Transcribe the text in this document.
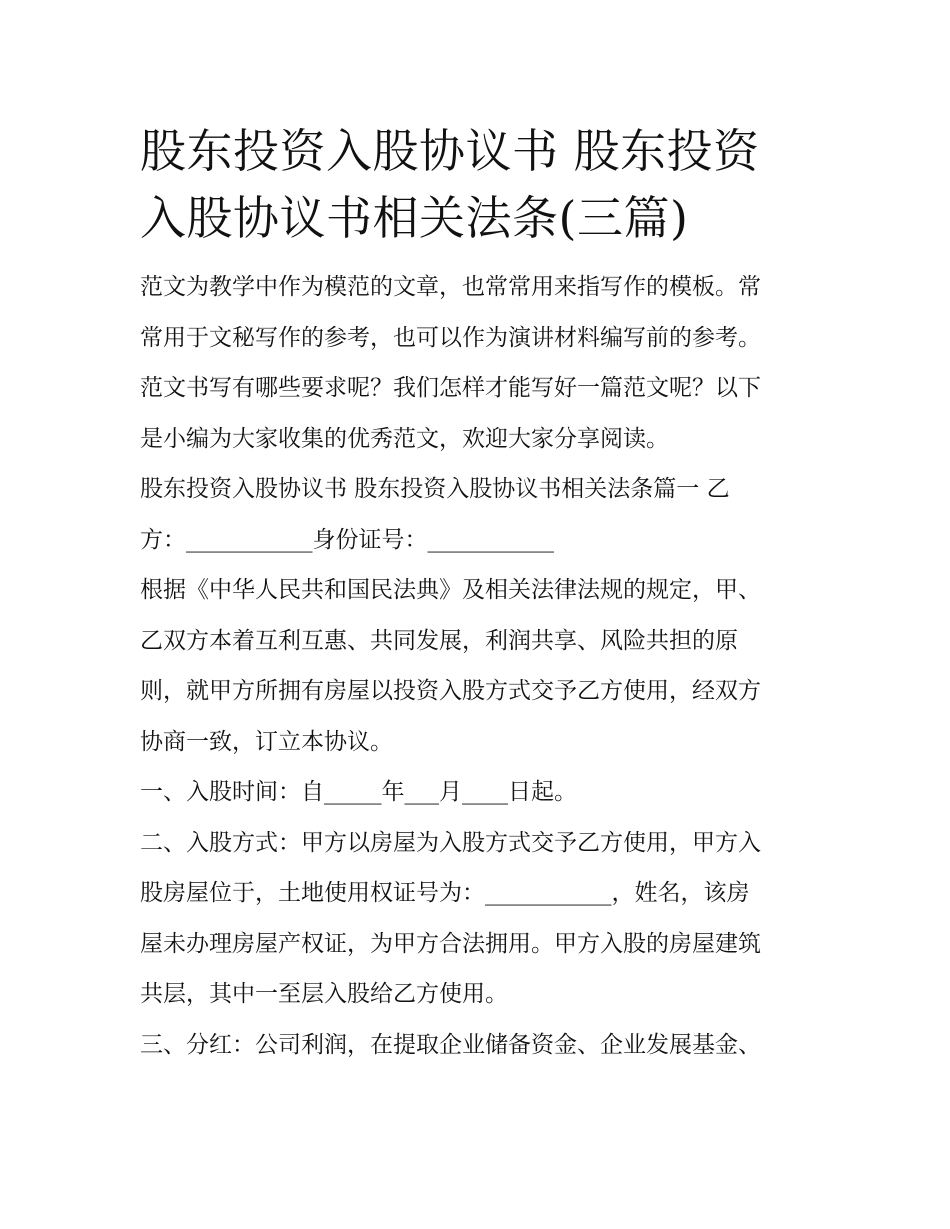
股东投资入股协议书 股东投资
入股协议书相关法条(三篇)

范文为教学中作为模范的文章，也常常用来指写作的模板。常
常用于文秘写作的参考，也可以作为演讲材料编写前的参考。
范文书写有哪些要求呢？我们怎样才能写好一篇范文呢？以下
是小编为大家收集的优秀范文，欢迎大家分享阅读。

股东投资入股协议书 股东投资入股协议书相关法条篇一 乙
方：___________身份证号：___________

根据《中华人民共和国民法典》及相关法律法规的规定，甲、
乙双方本着互利互惠、共同发展，利润共享、风险共担的原
则，就甲方所拥有房屋以投资入股方式交予乙方使用，经双方
协商一致，订立本协议。

一、入股时间：自_____年___月____日起。

二、入股方式：甲方以房屋为入股方式交予乙方使用，甲方入
股房屋位于，土地使用权证号为：___________，姓名，该房
屋未办理房屋产权证，为甲方合法拥用。甲方入股的房屋建筑
共层，其中一至层入股给乙方使用。

三、分红：公司利润，在提取企业储备资金、企业发展基金、
